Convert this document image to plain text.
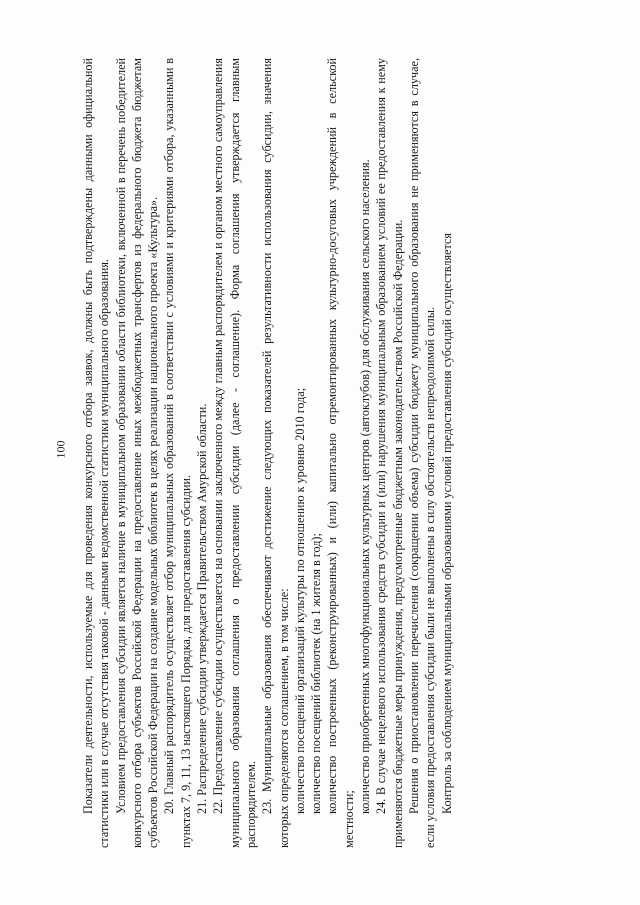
100 Показатели деятельности, используемые для проведения конкурсного отбора заявок, должны быть подтверждены данными официальной статистики или в случае отсутствия таковой - данными ведомственной статистики муниципального образования. Условием предоставления субсидии является наличие в муниципальном образовании области библиотеки, включенной в перечень победителей конкурсного отбора субъектов Российской Федерации на предоставление иных межбюджетных трансфертов из федерального бюджета бюджетам субъектов Российской Федерации на создание модельных библиотек в целях реализации национального проекта «Культура». 20. Главный распорядитель осуществляет отбор муниципальных образований в соответствии с условиями и критериями отбора, указанными в пунктах 7, 9, 11, 13 настоящего Порядка, для предоставления субсидии. 21. Распределение субсидии утверждается Правительством Амурской области. 22. Предоставление субсидии осуществляется на основании заключенного между главным распорядителем и органом местного самоуправления муниципального образования соглашения о предоставлении субсидии (далее - соглашение). Форма соглашения утверждается главным распорядителем. 23. Муниципальные образования обеспечивают достижение следующих показателей результативности использования субсидии, значения которых определяются соглашением, в том числе: количество посещений организаций культуры по отношению к уровню 2010 года; количество посещений библиотек (на 1 жителя в год); количество построенных (реконструированных) и (или) капитально отремонтированных культурно-досуговых учреждений в сельской местности;

количество приобретенных многофункциональных культурных центров (автоклубов) для обслуживания сельского населения. 24. В случае нецелевого использования средств субсидии и (или) нарушения муниципальным образованием условий ее предоставления к нему применяются бюджетные меры принуждения, предусмотренные бюджетным законодательством Российской Федерации. Решения о приостановлении перечисления (сокращении объема) субсидии бюджету муниципального образования не применяются в случае, если условия предоставления субсидии были не выполнены в силу обстоятельств непреодолимой силы. Контроль за соблюдением муниципальными образованиями условий предоставления субсидий осуществляется
